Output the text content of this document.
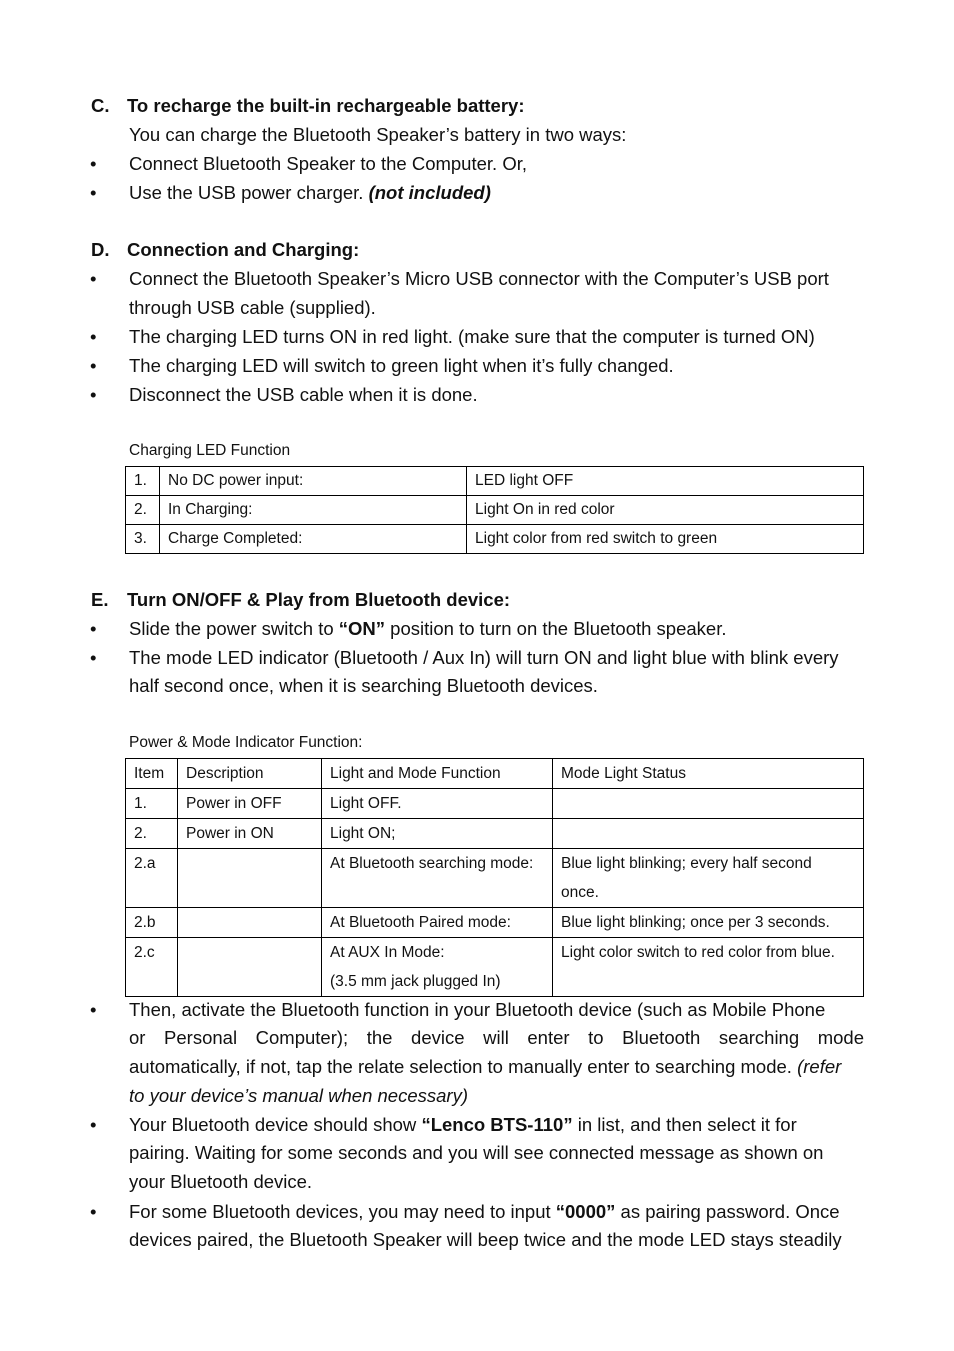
C. To recharge the built-in rechargeable battery:
You can charge the Bluetooth Speaker’s battery in two ways:
• Connect Bluetooth Speaker to the Computer. Or,
• Use the USB power charger. (not included)
D. Connection and Charging:
• Connect the Bluetooth Speaker’s Micro USB connector with the Computer’s USB port
through USB cable (supplied).
• The charging LED turns ON in red light. (make sure that the computer is turned ON)
• The charging LED will switch to green light when it’s fully changed.
• Disconnect the USB cable when it is done.
Charging LED Function
1.	No DC power input:	LED light OFF
2.	In Charging:	Light On in red color
3.	Charge Completed:	Light color from red switch to green
E. Turn ON/OFF & Play from Bluetooth device:
• Slide the power switch to “ON” position to turn on the Bluetooth speaker.
• The mode LED indicator (Bluetooth / Aux In) will turn ON and light blue with blink every
half second once, when it is searching Bluetooth devices.
Power & Mode Indicator Function:
Item	Description	Light and Mode Function	Mode Light Status
1.	Power in OFF	Light OFF.	
2.	Power in ON	Light ON;	
2.a		At Bluetooth searching mode:	Blue light blinking; every half second
once.

2.b		At Bluetooth Paired mode:	Blue light blinking; once per 3 seconds.
2.c		At AUX In Mode:
(3.5 mm jack plugged In)	Light color switch to red color from blue.
• Then, activate the Bluetooth function in your Bluetooth device (such as Mobile Phone
or Personal Computer); the device will enter to Bluetooth searching mode
automatically, if not, tap the relate selection to manually enter to searching mode. (refer
to your device’s manual when necessary)
• Your Bluetooth device should show “Lenco BTS-110” in list, and then select it for
pairing. Waiting for some seconds and you will see connected message as shown on
your Bluetooth device.
• For some Bluetooth devices, you may need to input “0000” as pairing password. Once
devices paired, the Bluetooth Speaker will beep twice and the mode LED stays steadily
